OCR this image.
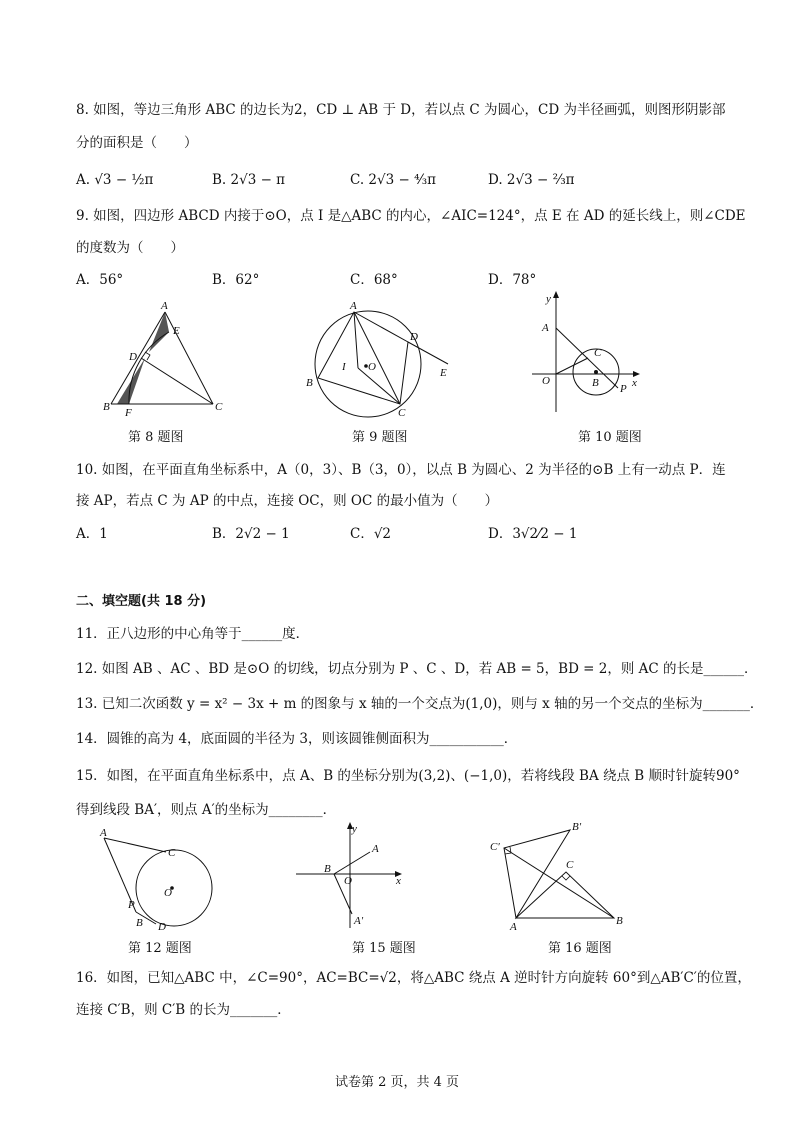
8. 如图，等边三角形 ABC 的边长为2，CD ⊥ AB 于 D，若以点 C 为圆心，CD 为半径画弧，则图形阴影部
分的面积是（　　）
A. √3 − ½π	B. 2√3 − π	C. 2√3 − ⁴⁄₃π	D. 2√3 − ⅔π
9. 如图，四边形 ABCD 内接于⊙O，点 I 是△ABC 的内心，∠AIC=124°，点 E 在 AD 的延长线上，则∠CDE
的度数为（　　）
A．56°	B．62°	C．68°	D．78°
A
E
D
B F	C
第 8 题图
A
D
I O
B
C
E
第 9 题图
y
A
C
O	B	x
P
第 10 题图
10. 如图，在平面直角坐标系中，A（0，3）、B（3，0），以点 B 为圆心、2 为半径的⊙B 上有一动点 P．连
接 AP，若点 C 为 AP 的中点，连接 OC，则 OC 的最小值为（　　）
A．1	B．2√2 − 1	C．√2	D．3√2⁄2 − 1
二、填空题(共 18 分)
11．正八边形的中心角等于______度．
12. 如图 AB 、AC 、BD 是⊙O 的切线，切点分别为 P 、C 、D，若 AB = 5，BD = 2，则 AC 的长是______．
13. 已知二次函数 y = x² − 3x + m 的图象与 x 轴的一个交点为(1,0)，则与 x 轴的另一个交点的坐标为_______．
14．圆锥的高为 4，底面圆的半径为 3，则该圆锥侧面积为___________．
15．如图，在平面直角坐标系中，点 A、B 的坐标分别为(3,2)、(−1,0)，若将线段 BA 绕点 B 顺时针旋转90°
得到线段 BA′，则点 A′的坐标为________．
A
C
O
P
B D
第 12 题图
y
A
B
O	x
A′
第 15 题图
C′
B′
C
A	B
第 16 题图
16．如图，已知△ABC 中，∠C=90°，AC=BC=√2，将△ABC 绕点 A 逆时针方向旋转 60°到△AB′C′的位置，
连接 C′B，则 C′B 的长为_______．
试卷第 2 页，共 4 页
